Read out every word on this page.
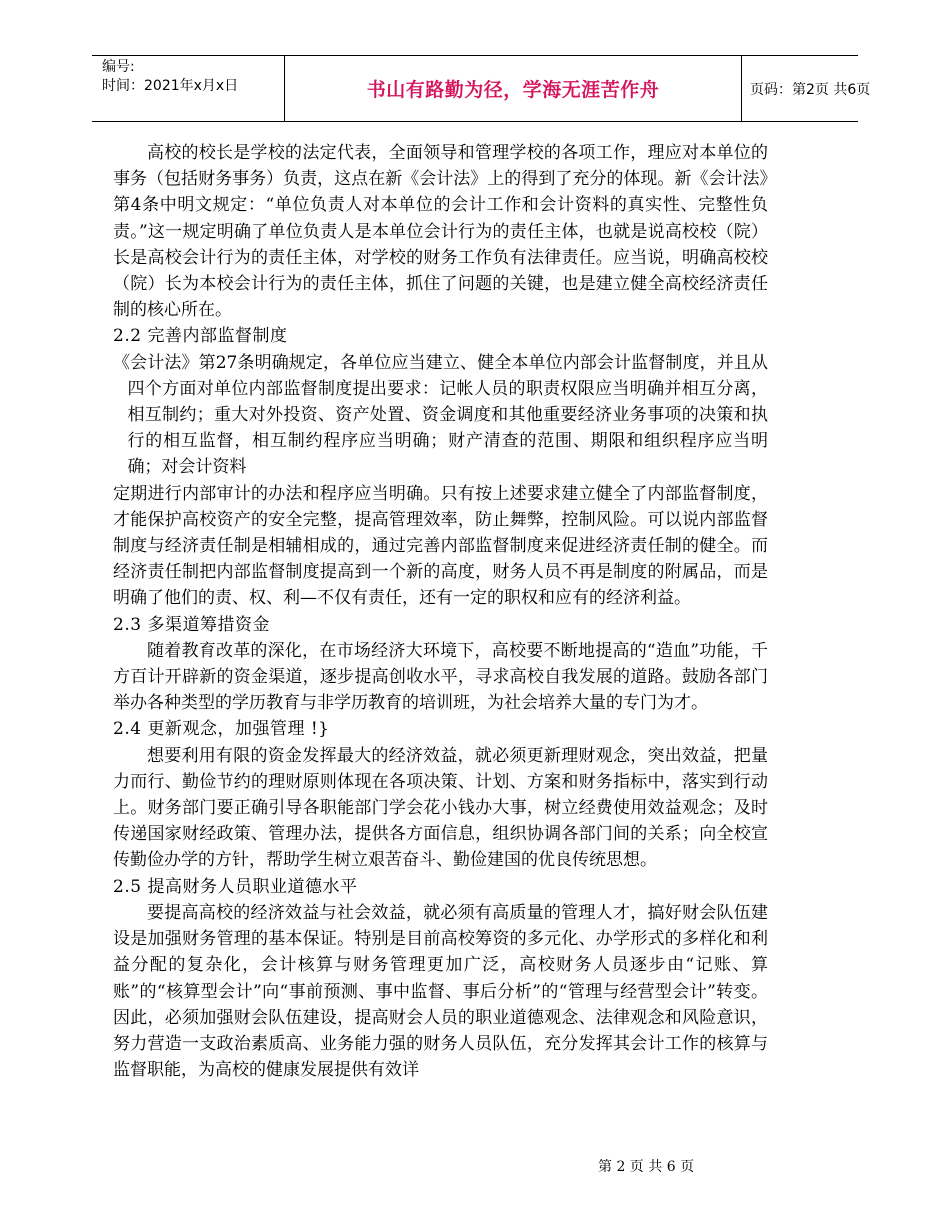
编号:
时间：2021年x月x日	书山有路勤为径，学海无涯苦作舟	页码：第2页 共6页

高校的校长是学校的法定代表，全面领导和管理学校的各项工作，理应对本单位的事务（包括财务事务）负责，这点在新《会计法》上的得到了充分的体现。新《会计法》第4条中明文规定：“单位负责人对本单位的会计工作和会计资料的真实性、完整性负责。”这一规定明确了单位负责人是本单位会计行为的责任主体，也就是说高校校（院）长是高校会计行为的责任主体，对学校的财务工作负有法律责任。应当说，明确高校校（院）长为本校会计行为的责任主体，抓住了问题的关键，也是建立健全高校经济责任制的核心所在。

2.2 完善内部监督制度

《会计法》第27条明确规定，各单位应当建立、健全本单位内部会计监督制度，并且从四个方面对单位内部监督制度提出要求：记帐人员的职责权限应当明确并相互分离，相互制约；重大对外投资、资产处置、资金调度和其他重要经济业务事项的决策和执行的相互监督，相互制约程序应当明确；财产清查的范围、期限和组织程序应当明确；对会计资料

定期进行内部审计的办法和程序应当明确。只有按上述要求建立健全了内部监督制度，才能保护高校资产的安全完整，提高管理效率，防止舞弊，控制风险。可以说内部监督制度与经济责任制是相辅相成的，通过完善内部监督制度来促进经济责任制的健全。而经济责任制把内部监督制度提高到一个新的高度，财务人员不再是制度的附属品，而是明确了他们的责、权、利—不仅有责任，还有一定的职权和应有的经济利益。

2.3 多渠道筹措资金

随着教育改革的深化，在市场经济大环境下，高校要不断地提高的“造血”功能，千方百计开辟新的资金渠道，逐步提高创收水平，寻求高校自我发展的道路。鼓励各部门举办各种类型的学历教育与非学历教育的培训班，为社会培养大量的专门为才。

2.4 更新观念，加强管理 !}

想要利用有限的资金发挥最大的经济效益，就必须更新理财观念，突出效益，把量力而行、勤俭节约的理财原则体现在各项决策、计划、方案和财务指标中，落实到行动上。财务部门要正确引导各职能部门学会花小钱办大事，树立经费使用效益观念；及时传递国家财经政策、管理办法，提供各方面信息，组织协调各部门间的关系；向全校宣传勤俭办学的方针，帮助学生树立艰苦奋斗、勤俭建国的优良传统思想。

2.5 提高财务人员职业道德水平

要提高高校的经济效益与社会效益，就必须有高质量的管理人才，搞好财会队伍建设是加强财务管理的基本保证。特别是目前高校筹资的多元化、办学形式的多样化和利益分配的复杂化，会计核算与财务管理更加广泛，高校财务人员逐步由“记账、算账”的“核算型会计”向“事前预测、事中监督、事后分析”的“管理与经营型会计”转变。因此，必须加强财会队伍建设，提高财会人员的职业道德观念、法律观念和风险意识，努力营造一支政治素质高、业务能力强的财务人员队伍，充分发挥其会计工作的核算与监督职能，为高校的健康发展提供有效详

第 2 页 共 6 页
